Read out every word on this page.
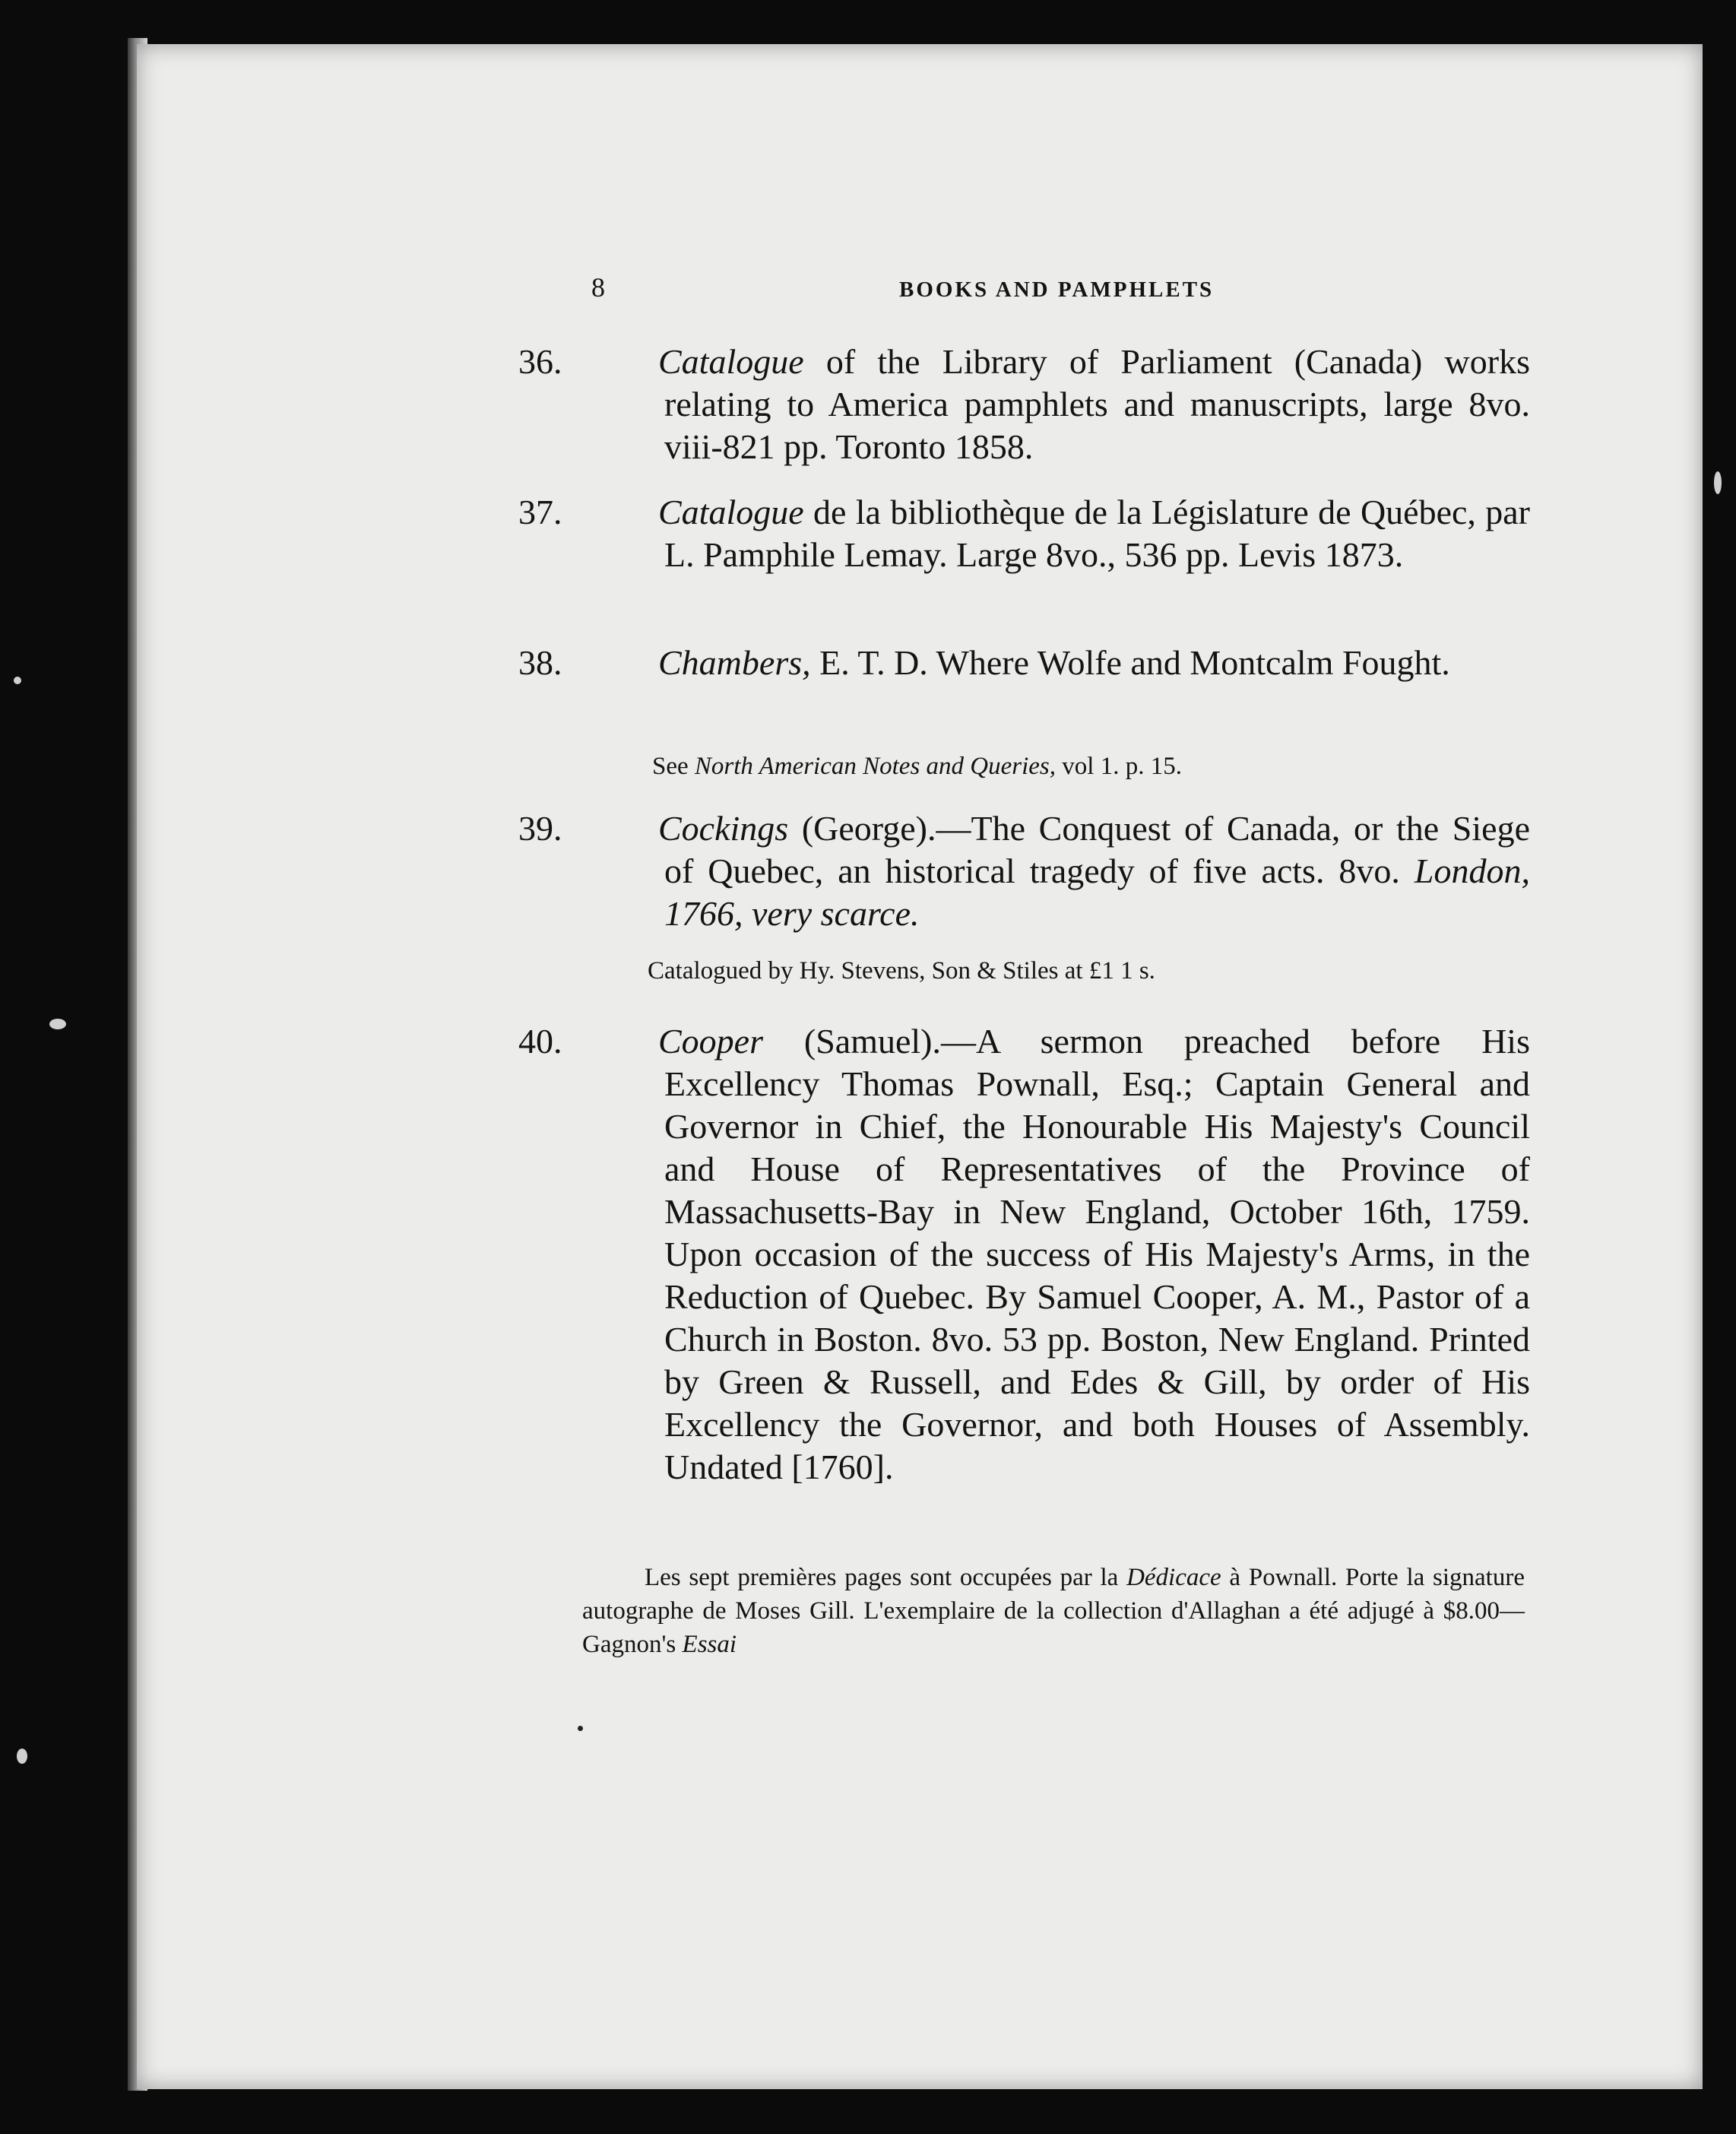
8	BOOKS AND PAMPHLETS
36.	Catalogue of the Library of Parliament (Canada) works relating to America pamphlets and manuscripts, large 8vo. viii-821 pp. Toronto 1858.
37.	Catalogue de la bibliothèque de la Législature de Québec, par L. Pamphile Lemay. Large 8vo., 536 pp. Levis 1873.
38.	Chambers, E. T. D. Where Wolfe and Montcalm Fought.
See North American Notes and Queries, vol 1. p. 15.
39.	Cockings (George).—The Conquest of Canada, or the Siege of Quebec, an historical tragedy of five acts. 8vo. London, 1766, very scarce.
Catalogued by Hy. Stevens, Son & Stiles at £1 1 s.
40.	Cooper (Samuel).—A sermon preached before His Excellency Thomas Pownall, Esq.; Captain General and Governor in Chief, the Honourable His Majesty's Council and House of Representatives of the Province of Massachusetts-Bay in New England, October 16th, 1759. Upon occasion of the success of His Majesty's Arms, in the Reduction of Quebec. By Samuel Cooper, A. M., Pastor of a Church in Boston. 8vo. 53 pp. Boston, New England. Printed by Green & Russell, and Edes & Gill, by order of His Excellency the Governor, and both Houses of Assembly. Undated [1760].
Les sept premières pages sont occupées par la Dédicace à Pownall. Porte la signature autographe de Moses Gill. L'exemplaire de la collection d'Allaghan a été adjugé à $8.00—Gagnon's Essai
